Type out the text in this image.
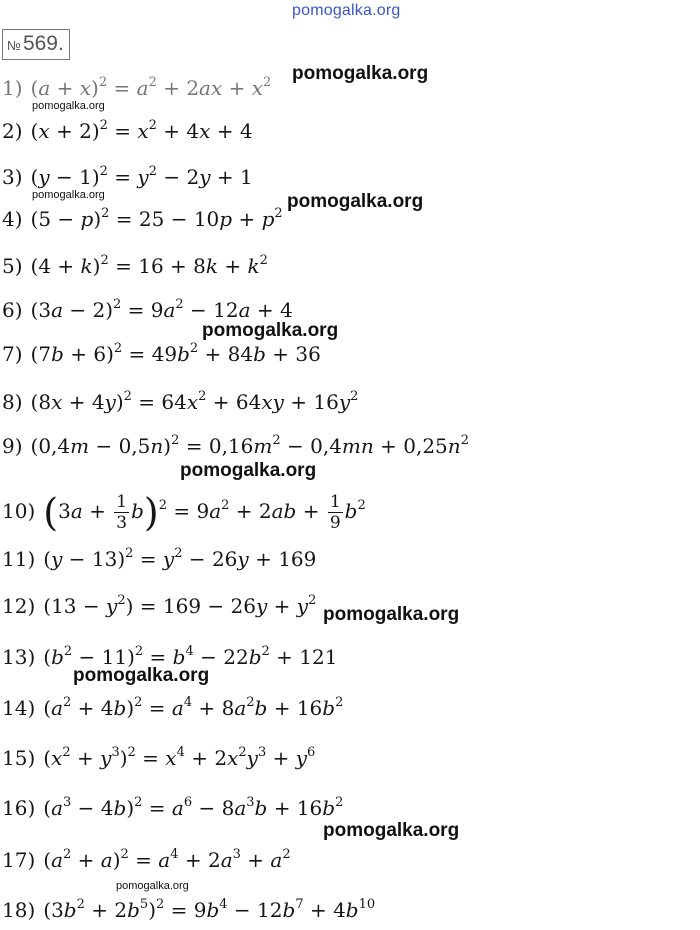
pomogalka.org
№569.
1) $(a + x)^2 = a^2 + 2ax + x^2$
2) $(x + 2)^2 = x^2 + 4x + 4$
3) $(y - 1)^2 = y^2 - 2y + 1$
4) $(5 - p)^2 = 25 - 10p + p^2$
5) $(4 + k)^2 = 16 + 8k + k^2$
6) $(3a - 2)^2 = 9a^2 - 12a + 4$
7) $(7b + 6)^2 = 49b^2 + 84b + 36$
8) $(8x + 4y)^2 = 64x^2 + 64xy + 16y^2$
9) $(0,4m - 0,5n)^2 = 0,16m^2 - 0,4mn + 0,25n^2$
10) $(3a + \frac{1}{3} b)^2 = 9a^2 + 2ab + \frac{1}{9} b^2$
11) $(y - 13)^2 = y^2 - 26y + 169$
12) $(13 - y^2) = 169 - 26y + y^2$
13) $(b^2 - 11)^2 = b^4 - 22b^2 + 121$
14) $(a^2 + 4b)^2 = a^4 + 8a^2b + 16b^2$
15) $(x^2 + y^3)^2 = x^4 + 2x^2y^3 + y^6$
16) $(a^3 - 4b)^2 = a^6 - 8a^3b + 16b^2$
17) $(a^2 + a)^2 = a^4 + 2a^3 + a^2$
18) $(3b^2 + 2b^5)^2 = 9b^4 - 12b^7 + 4b^{10}$
pomogalka.org
pomogalka.org
pomogalka.org	pomogalka.org
pomogalka.org
pomogalka.org
pomogalka.org
pomogalka.org
pomogalka.org
pomogalka.org
